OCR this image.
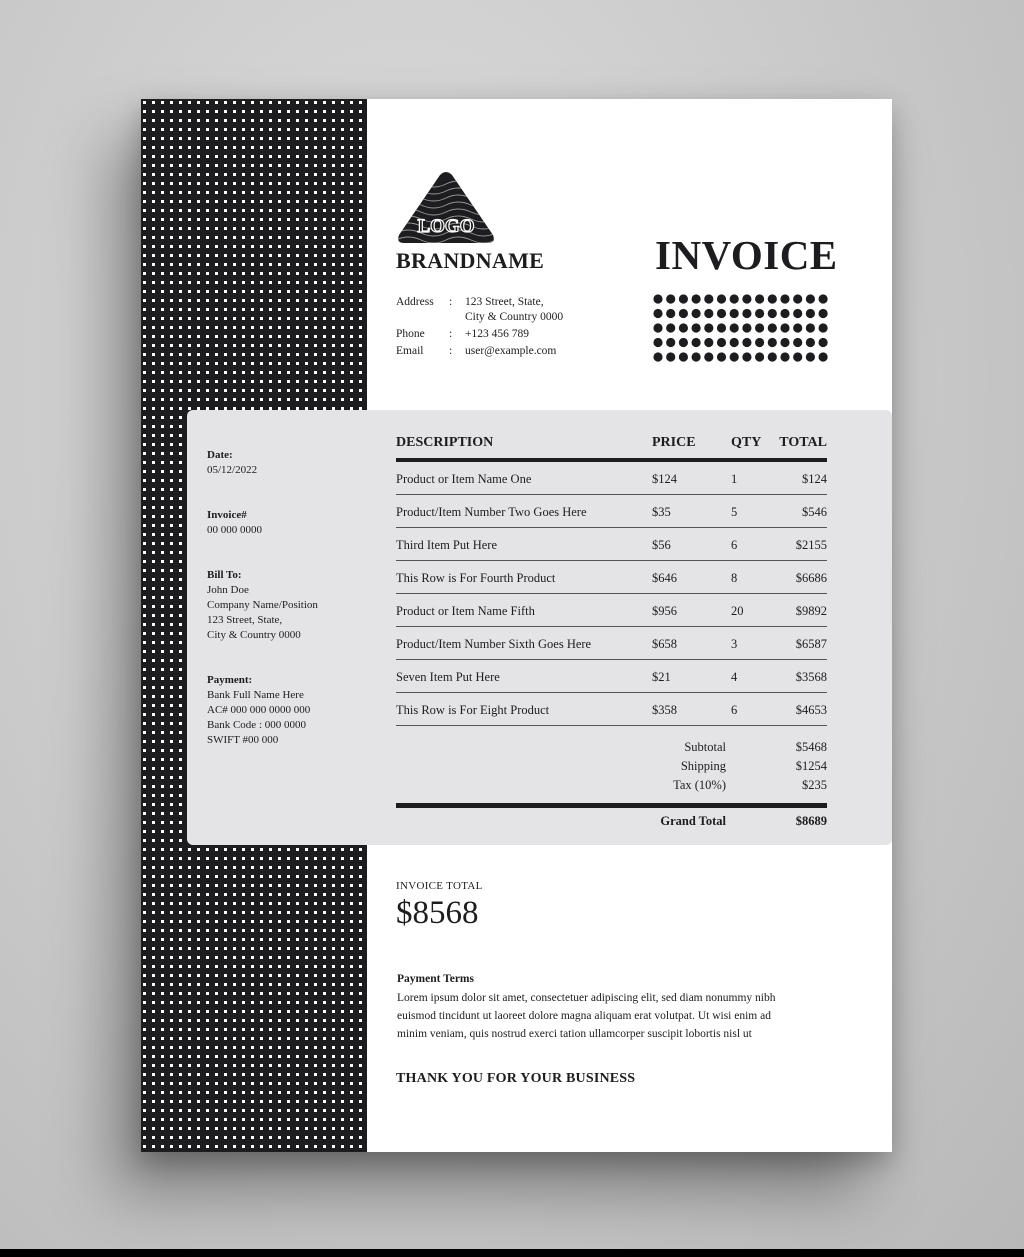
LOGO
BRANDNAME
Address	:	123 Street, State,
City & Country 0000
Phone	:	+123 456 789
Email	:	user@example.com
INVOICE
Date:
05/12/2022
Invoice#
00 000 0000
Bill To:
John Doe
Company Name/Position
123 Street, State,
City & Country 0000
Payment:
Bank Full Name Here
AC# 000 000 0000 000
Bank Code : 000 0000
SWIFT #00 000
DESCRIPTION	PRICE	QTY	TOTAL
Product or Item Name One	$124	1	$124
Product/Item Number Two Goes Here	$35	5	$546
Third Item Put Here	$56	6	$2155
This Row is For Fourth Product	$646	8	$6686
Product or Item Name Fifth	$956	20	$9892
Product/Item Number Sixth Goes Here	$658	3	$6587
Seven Item Put Here	$21	4	$3568
This Row is For Eight Product	$358	6	$4653
Subtotal	$5468
Shipping	$1254
Tax (10%)	$235
Grand Total	$8689
INVOICE TOTAL
$8568
Payment Terms
Lorem ipsum dolor sit amet, consectetuer adipiscing elit, sed diam nonummy nibh
euismod tincidunt ut laoreet dolore magna aliquam erat volutpat. Ut wisi enim ad
minim veniam, quis nostrud exerci tation ullamcorper suscipit lobortis nisl ut
THANK YOU FOR YOUR BUSINESS
